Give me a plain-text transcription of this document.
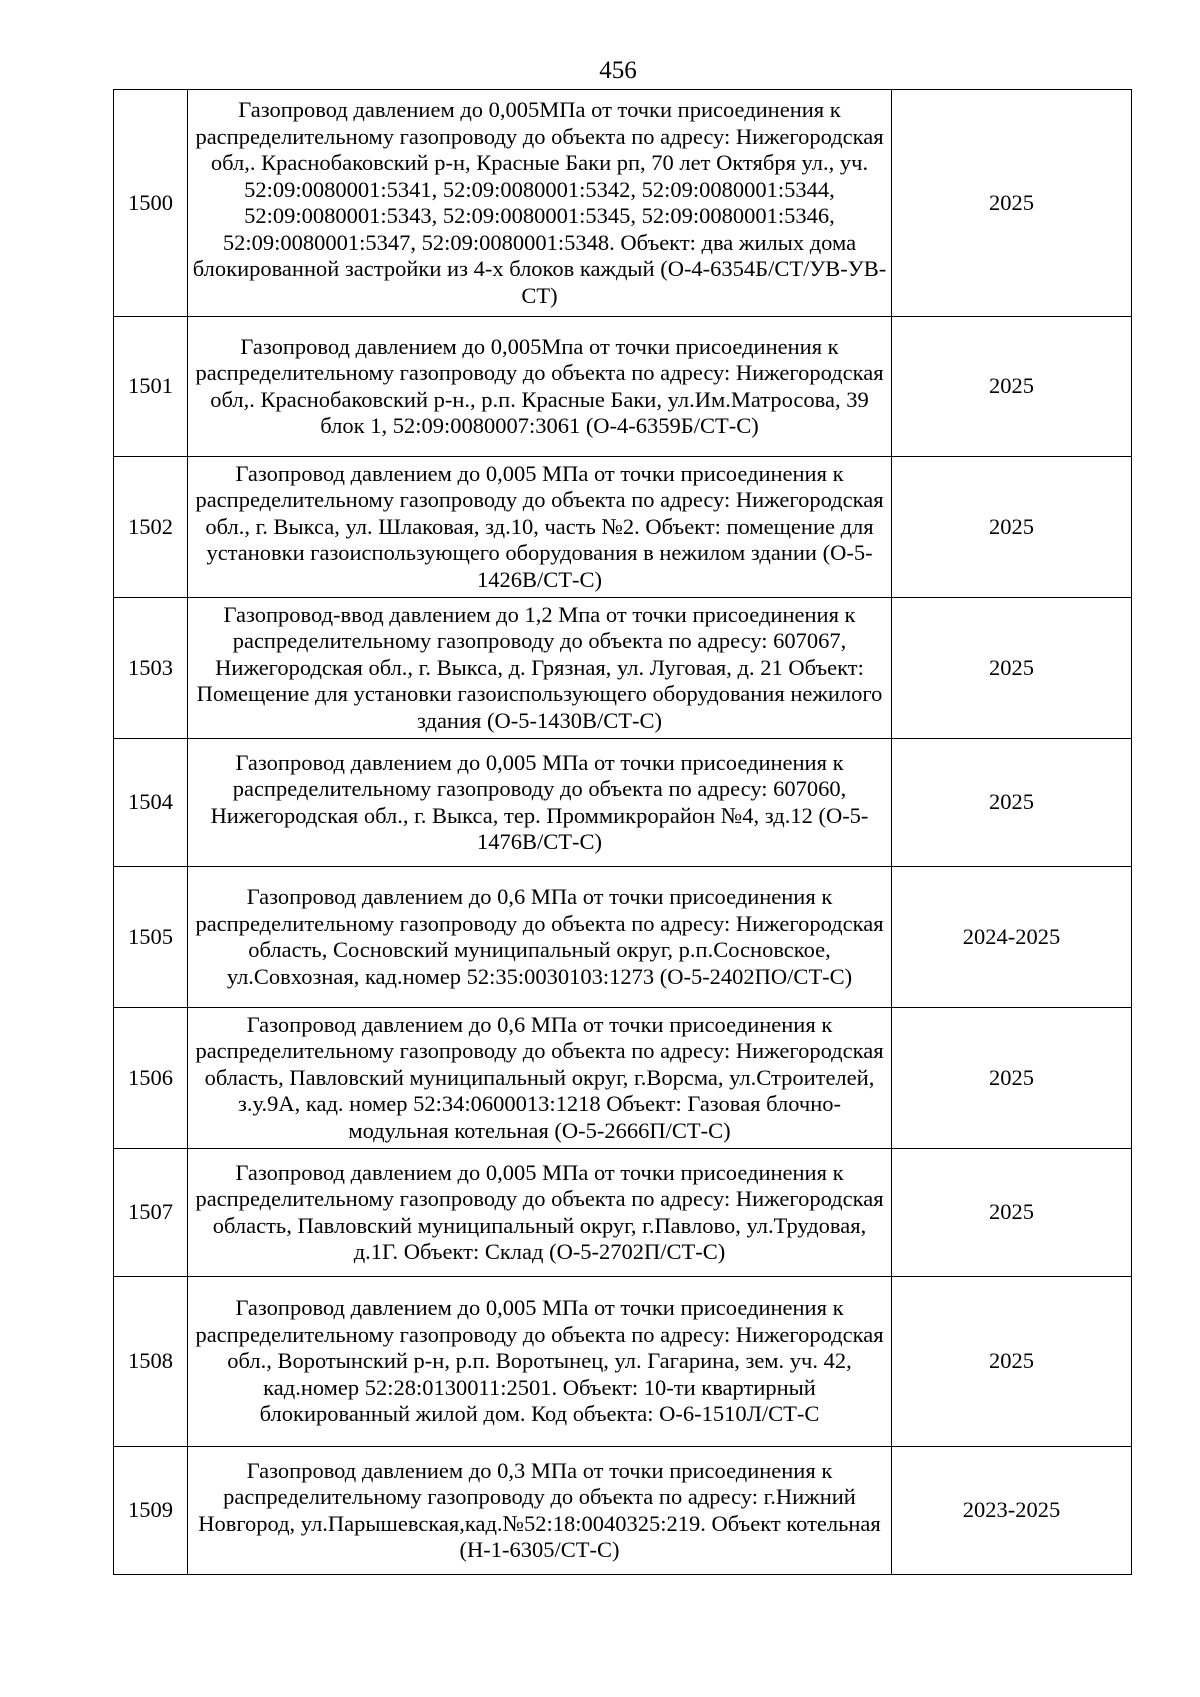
456
1500	Газопровод давлением до 0,005МПа от точки присоединения к распределительному газопроводу до объекта по адресу: Нижегородская обл,. Краснобаковский р-н, Красные Баки рп, 70 лет Октября ул., уч. 52:09:0080001:5341, 52:09:0080001:5342, 52:09:0080001:5344, 52:09:0080001:5343, 52:09:0080001:5345, 52:09:0080001:5346, 52:09:0080001:5347, 52:09:0080001:5348. Объект: два жилых дома блокированной застройки из 4-х блоков каждый (О-4-6354Б/СТ/УВ-УВ-СТ)	2025
1501	Газопровод давлением до 0,005Мпа от точки присоединения к распределительному газопроводу до объекта по адресу: Нижегородская обл,. Краснобаковский р-н., р.п. Красные Баки, ул.Им.Матросова, 39 блок 1, 52:09:0080007:3061 (О-4-6359Б/СТ-С)	2025
1502	Газопровод давлением до 0,005 МПа от точки присоединения к распределительному газопроводу до объекта по адресу: Нижегородская обл., г. Выкса, ул. Шлаковая, зд.10, часть №2. Объект: помещение для установки газоиспользующего оборудования в нежилом здании (О-5-1426В/СТ-С)	2025
1503	Газопровод-ввод давлением до 1,2 Мпа от точки присоединения к распределительному газопроводу до объекта по адресу: 607067, Нижегородская обл., г. Выкса, д. Грязная, ул. Луговая, д. 21 Объект: Помещение для установки газоиспользующего оборудования нежилого здания (О-5-1430В/СТ-С)	2025
1504	Газопровод давлением до 0,005 МПа от точки присоединения к распределительному газопроводу до объекта по адресу: 607060, Нижегородская обл., г. Выкса, тер. Проммикрорайон №4, зд.12 (О-5-1476В/СТ-С)	2025
1505	Газопровод давлением до 0,6 МПа от точки присоединения к распределительному газопроводу до объекта по адресу: Нижегородская область, Сосновский муниципальный округ, р.п.Сосновское, ул.Совхозная, кад.номер 52:35:0030103:1273 (О-5-2402ПО/СТ-С)	2024-2025
1506	Газопровод давлением до 0,6 МПа от точки присоединения к распределительному газопроводу до объекта по адресу: Нижегородская область, Павловский муниципальный округ, г.Ворсма, ул.Строителей, з.у.9А, кад. номер 52:34:0600013:1218 Объект: Газовая блочно-модульная котельная (О-5-2666П/СТ-С)	2025
1507	Газопровод давлением до 0,005 МПа от точки присоединения к распределительному газопроводу до объекта по адресу: Нижегородская область, Павловский муниципальный округ, г.Павлово, ул.Трудовая, д.1Г. Объект: Склад (О-5-2702П/СТ-С)	2025
1508	Газопровод давлением до 0,005 МПа от точки присоединения к распределительному газопроводу до объекта по адресу: Нижегородская обл., Воротынский р-н, р.п. Воротынец, ул. Гагарина, зем. уч. 42, кад.номер 52:28:0130011:2501. Объект: 10-ти квартирный блокированный жилой дом. Код объекта: О-6-1510Л/СТ-С	2025
1509	Газопровод давлением до 0,3 МПа от точки присоединения к распределительному газопроводу до объекта по адресу: г.Нижний Новгород, ул.Парышевская,кад.№52:18:0040325:219. Объект котельная (Н-1-6305/СТ-С)	2023-2025
